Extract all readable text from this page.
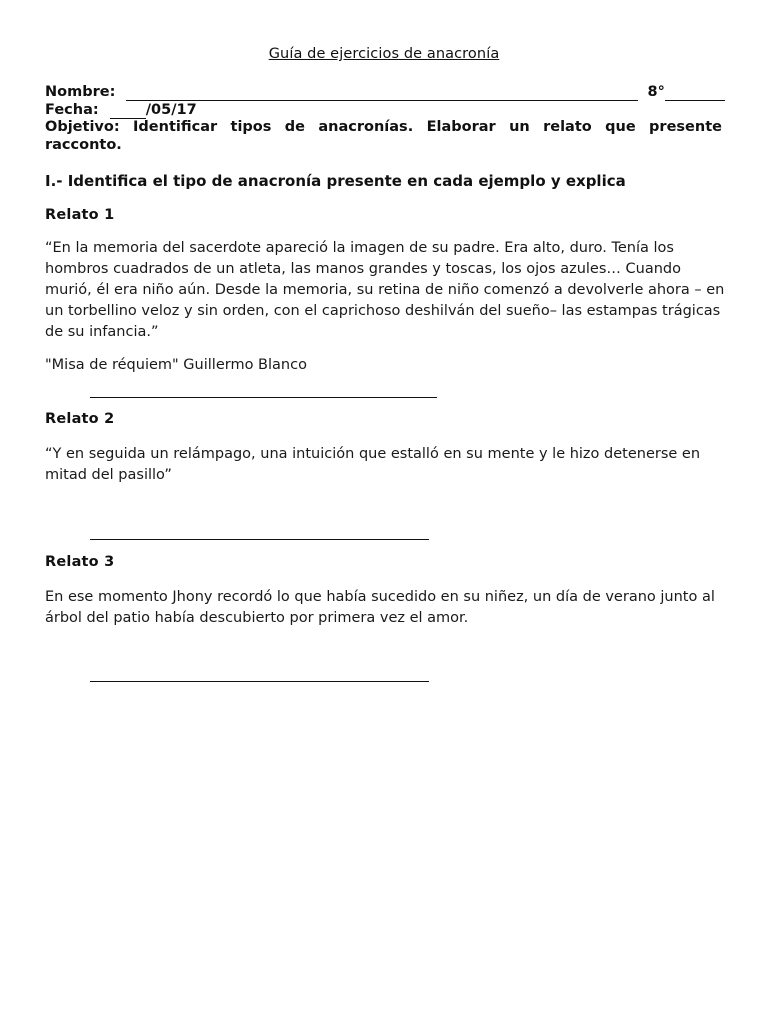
Guía de ejercicios de anacronía
Nombre:	8°
Fecha:	/05/17
Objetivo: Identificar tipos de anacronías. Elaborar un relato que presente racconto.
I.- Identifica el tipo de anacronía presente en cada ejemplo y explica
Relato 1
“En la memoria del sacerdote apareció la imagen de su padre. Era alto, duro. Tenía los hombros cuadrados de un atleta, las manos grandes y toscas, los ojos azules… Cuando murió, él era niño aún. Desde la memoria, su retina de niño comenzó a devolverle ahora – en un torbellino veloz y sin orden, con el caprichoso deshilván del sueño– las estampas trágicas de su infancia.”
"Misa de réquiem" Guillermo Blanco
Relato 2
“Y en seguida un relámpago, una intuición que estalló en su mente y le hizo detenerse en mitad del pasillo”
Relato 3
En ese momento Jhony recordó lo que había sucedido en su niñez, un día de verano junto al árbol del patio había descubierto por primera vez el amor.
